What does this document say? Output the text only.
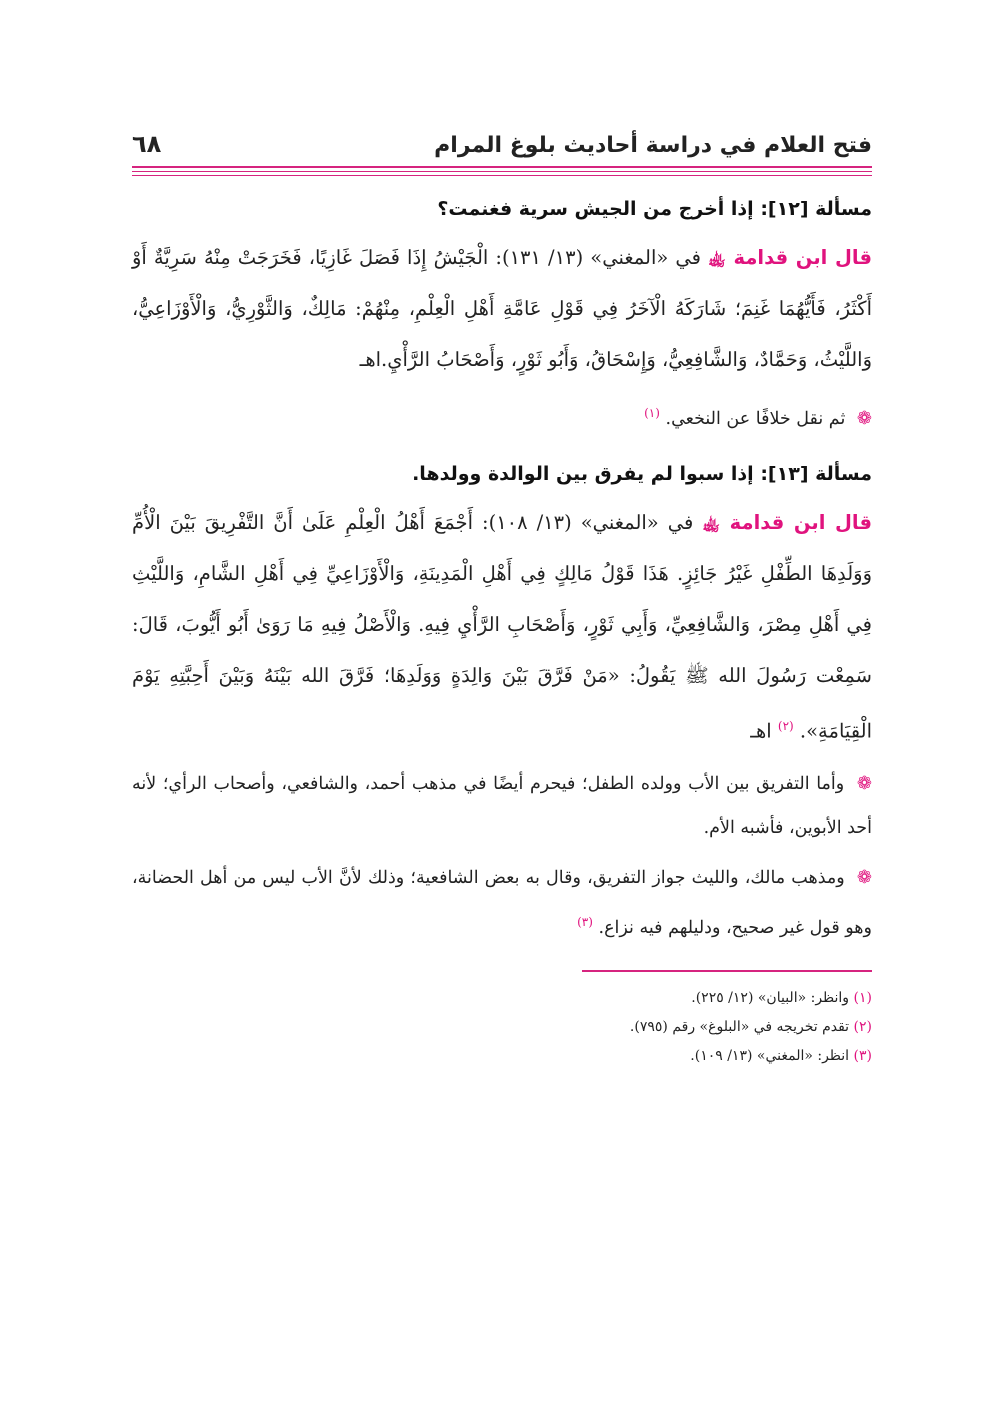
فتح العلام في دراسة أحاديث بلوغ المرام
٦٨
مسألة [١٢]: إذا أخرج من الجيش سرية فغنمت؟
قال ابن قدامة ﵀ في «المغني» (١٣/ ١٣١): الْجَيْشُ إِذَا فَصَلَ غَازِيًا، فَخَرَجَتْ مِنْهُ سَرِيَّةٌ أَوْ أَكْثَرُ، فَأَيُّهُمَا غَنِمَ؛ شَارَكَهُ الْآخَرُ فِي قَوْلِ عَامَّةِ أَهْلِ الْعِلْمِ، مِنْهُمْ: مَالِكٌ، وَالثَّوْرِيُّ، وَالْأَوْزَاعِيُّ، وَاللَّيْثُ، وَحَمَّادٌ، وَالشَّافِعِيُّ، وَإِسْحَاقُ، وَأَبُو ثَوْرٍ، وَأَصْحَابُ الرَّأْيِ.اهـ
❁ ثم نقل خلافًا عن النخعي. $^{(١)}$
مسألة [١٣]: إذا سبوا لم يفرق بين الوالدة وولدها.
قال ابن قدامة ﵀ في «المغني» (١٣/ ١٠٨): أَجْمَعَ أَهْلُ الْعِلْمِ عَلَىٰ أَنَّ التَّفْرِيقَ بَيْنَ الْأُمِّ وَوَلَدِهَا الطِّفْلِ غَيْرُ جَائِزٍ. هَذَا قَوْلُ مَالِكٍ فِي أَهْلِ الْمَدِينَةِ، وَالْأَوْزَاعِيِّ فِي أَهْلِ الشَّامِ، وَاللَّيْثِ فِي أَهْلِ مِصْرَ، وَالشَّافِعِيِّ، وَأَبِي ثَوْرٍ، وَأَصْحَابِ الرَّأْيِ فِيهِ. وَالْأَصْلُ فِيهِ مَا رَوَىٰ أَبُو أَيُّوبَ، قَالَ: سَمِعْت رَسُولَ الله ﷺ يَقُولُ: «مَنْ فَرَّقَ بَيْنَ وَالِدَةٍ وَوَلَدِهَا؛ فَرَّقَ الله بَيْنَهُ وَبَيْنَ أَحِبَّتِهِ يَوْمَ الْقِيَامَةِ». $^{(٢)}$ اهـ
❁ وأما التفريق بين الأب وولده الطفل؛ فيحرم أيضًا في مذهب أحمد، والشافعي، وأصحاب الرأي؛ لأنه أحد الأبوين، فأشبه الأم.
❁ ومذهب مالك، والليث جواز التفريق، وقال به بعض الشافعية؛ وذلك لأنَّ الأب ليس من أهل الحضانة، وهو قول غير صحيح، ودليلهم فيه نزاع. $^{(٣)}$
(١) وانظر: «البيان» (١٢/ ٢٢٥).
(٢) تقدم تخريجه في «البلوغ» رقم (٧٩٥).
(٣) انظر: «المغني» (١٣/ ١٠٩).
